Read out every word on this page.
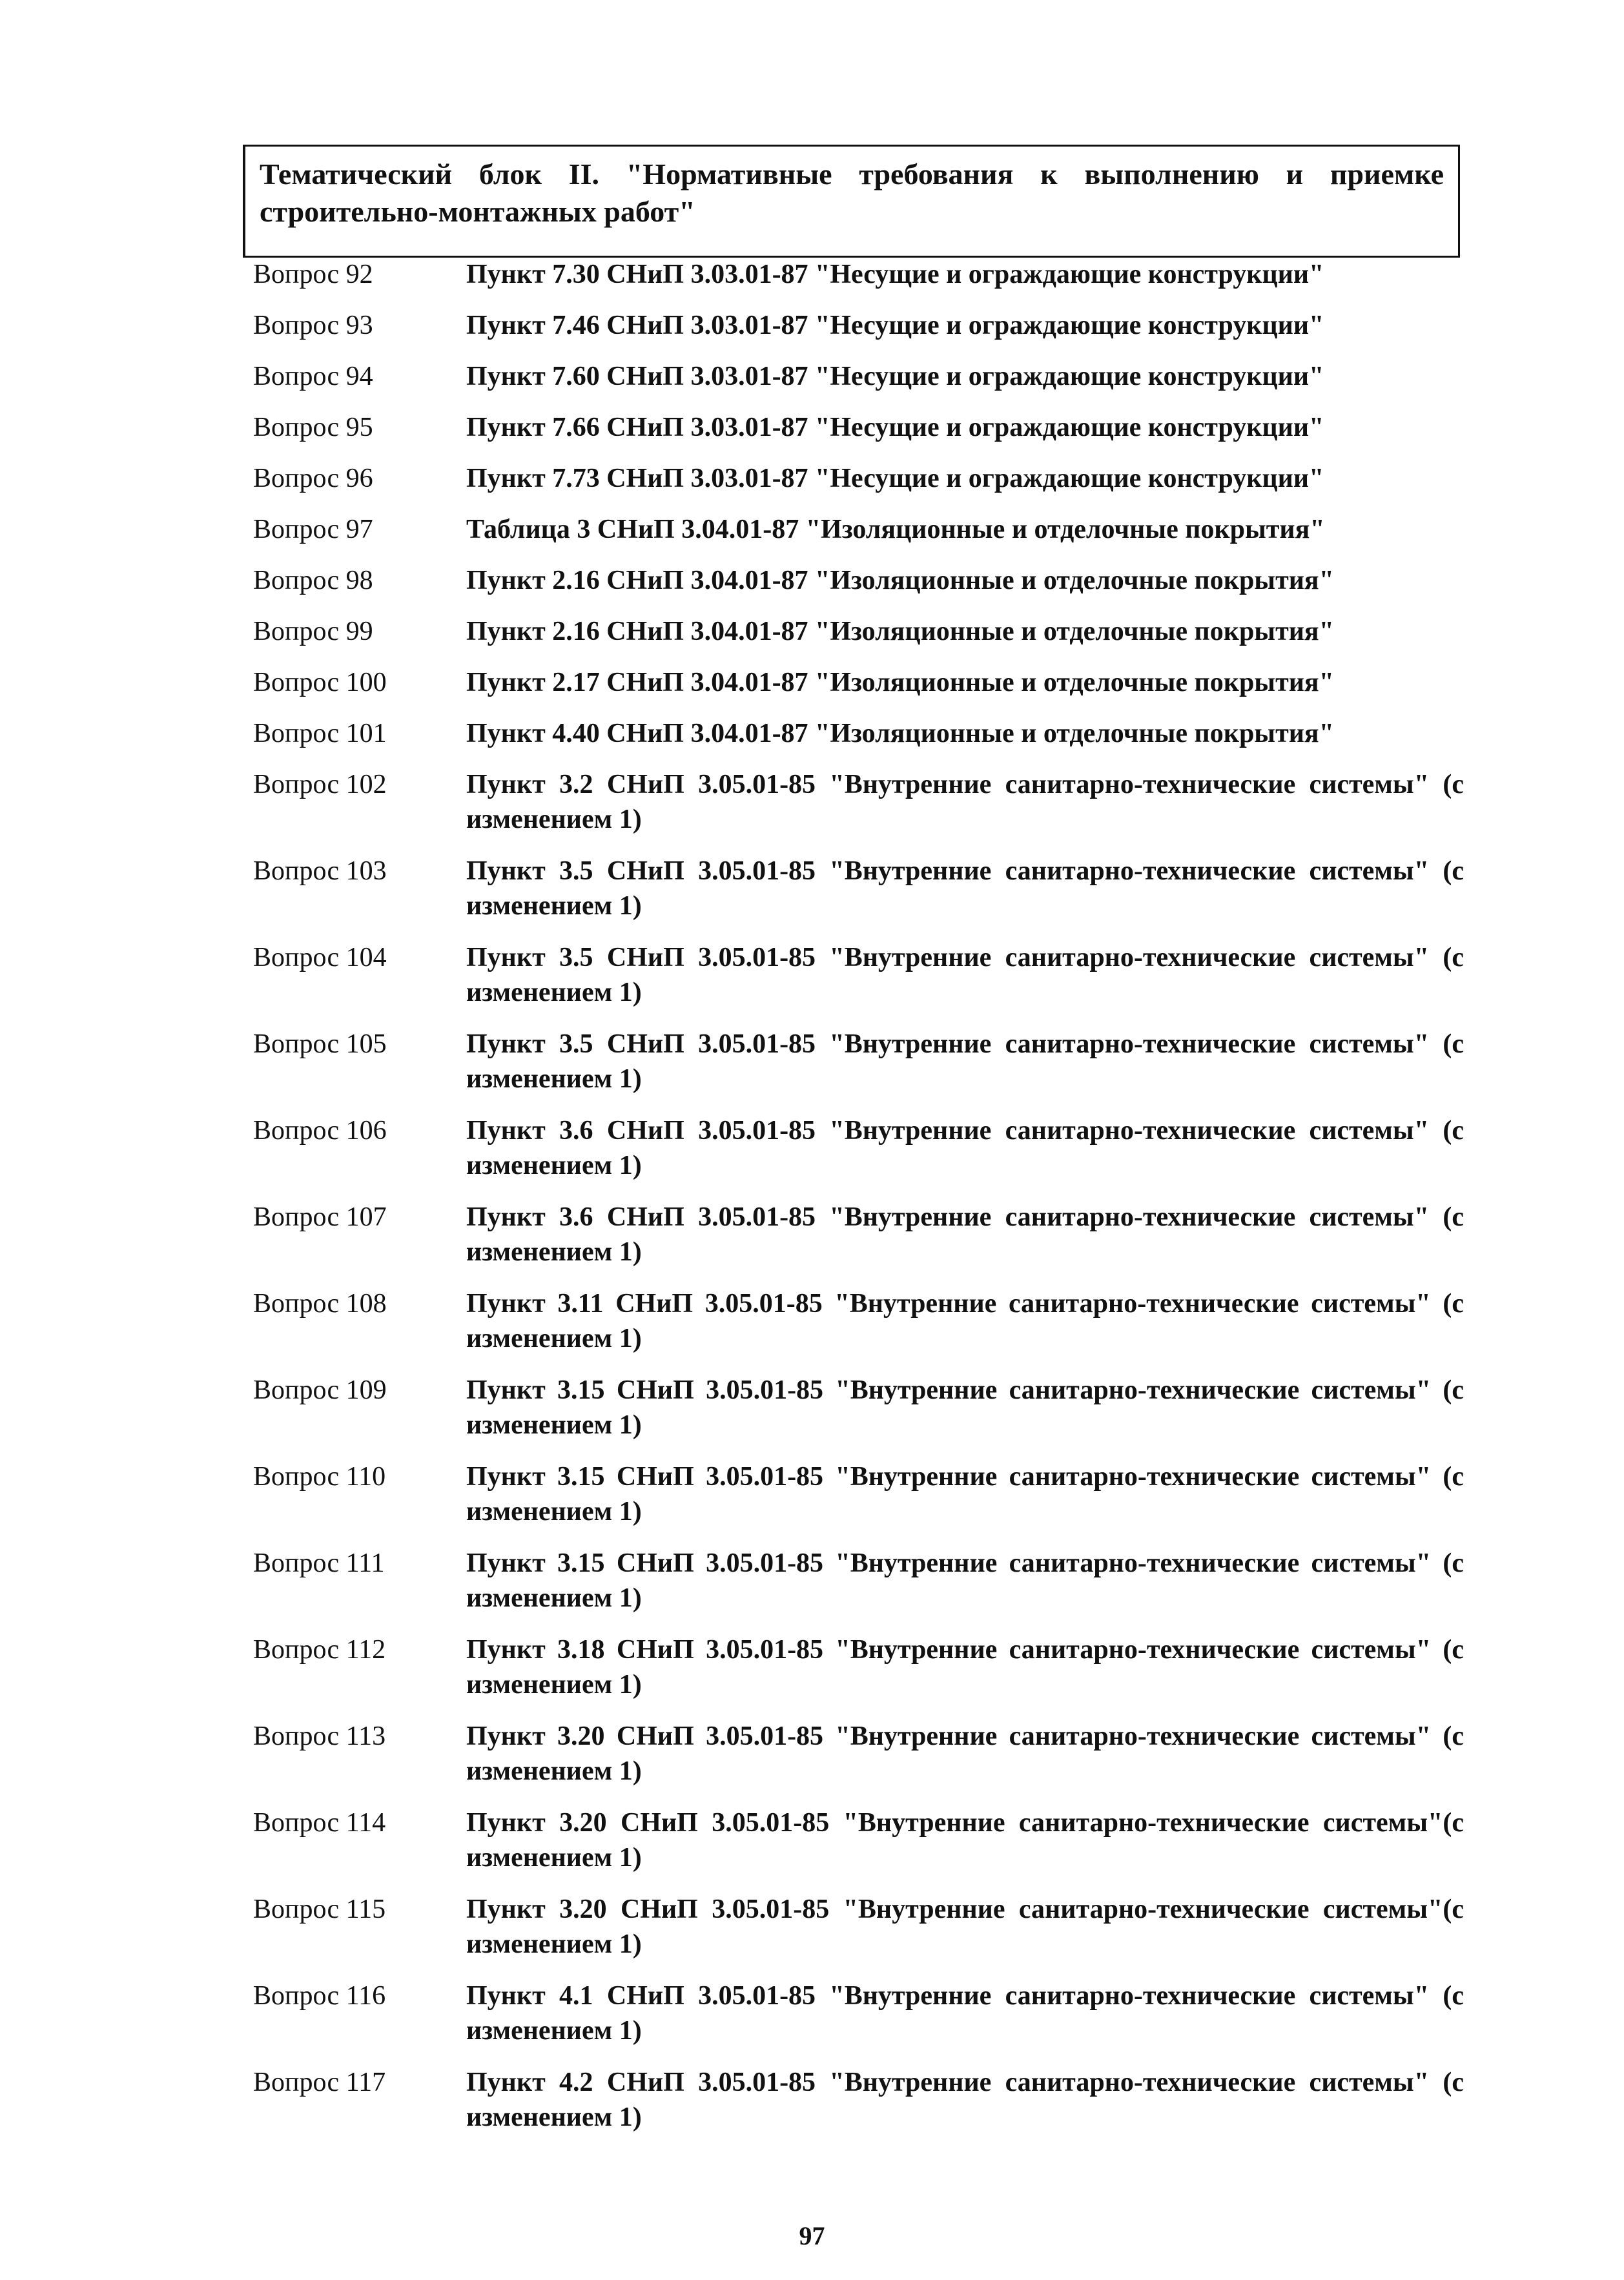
Тематический блок II. "Нормативные требования к выполнению и приемке строительно-монтажных работ"

Вопрос 92	Пункт 7.30 СНиП 3.03.01-87 "Несущие и ограждающие конструкции"
Вопрос 93	Пункт 7.46 СНиП 3.03.01-87 "Несущие и ограждающие конструкции"
Вопрос 94	Пункт 7.60 СНиП 3.03.01-87 "Несущие и ограждающие конструкции"
Вопрос 95	Пункт 7.66 СНиП 3.03.01-87 "Несущие и ограждающие конструкции"
Вопрос 96	Пункт 7.73 СНиП 3.03.01-87 "Несущие и ограждающие конструкции"
Вопрос 97	Таблица 3 СНиП 3.04.01-87 "Изоляционные и отделочные покрытия"
Вопрос 98	Пункт 2.16 СНиП 3.04.01-87 "Изоляционные и отделочные покрытия"
Вопрос 99	Пункт 2.16 СНиП 3.04.01-87 "Изоляционные и отделочные покрытия"
Вопрос 100	Пункт 2.17 СНиП 3.04.01-87 "Изоляционные и отделочные покрытия"
Вопрос 101	Пункт 4.40 СНиП 3.04.01-87 "Изоляционные и отделочные покрытия"
Вопрос 102	Пункт 3.2 СНиП 3.05.01-85 "Внутренние санитарно-технические системы" (с изменением 1)
Вопрос 103	Пункт 3.5 СНиП 3.05.01-85 "Внутренние санитарно-технические системы" (с изменением 1)
Вопрос 104	Пункт 3.5 СНиП 3.05.01-85 "Внутренние санитарно-технические системы" (с изменением 1)
Вопрос 105	Пункт 3.5 СНиП 3.05.01-85 "Внутренние санитарно-технические системы" (с изменением 1)
Вопрос 106	Пункт 3.6 СНиП 3.05.01-85 "Внутренние санитарно-технические системы" (с изменением 1)
Вопрос 107	Пункт 3.6 СНиП 3.05.01-85 "Внутренние санитарно-технические системы" (с изменением 1)
Вопрос 108	Пункт 3.11 СНиП 3.05.01-85 "Внутренние санитарно-технические системы" (с изменением 1)
Вопрос 109	Пункт 3.15 СНиП 3.05.01-85 "Внутренние санитарно-технические системы" (с изменением 1)
Вопрос 110	Пункт 3.15 СНиП 3.05.01-85 "Внутренние санитарно-технические системы" (с изменением 1)
Вопрос 111	Пункт 3.15 СНиП 3.05.01-85 "Внутренние санитарно-технические системы" (с изменением 1)
Вопрос 112	Пункт 3.18 СНиП 3.05.01-85 "Внутренние санитарно-технические системы" (с изменением 1)
Вопрос 113	Пункт 3.20 СНиП 3.05.01-85 "Внутренние санитарно-технические системы" (с изменением 1)
Вопрос 114	Пункт 3.20 СНиП 3.05.01-85 "Внутренние санитарно-технические системы"(с изменением 1)
Вопрос 115	Пункт 3.20 СНиП 3.05.01-85 "Внутренние санитарно-технические системы"(с изменением 1)
Вопрос 116	Пункт 4.1 СНиП 3.05.01-85 "Внутренние санитарно-технические системы" (с изменением 1)
Вопрос 117	Пункт 4.2 СНиП 3.05.01-85 "Внутренние санитарно-технические системы" (с изменением 1)
97
